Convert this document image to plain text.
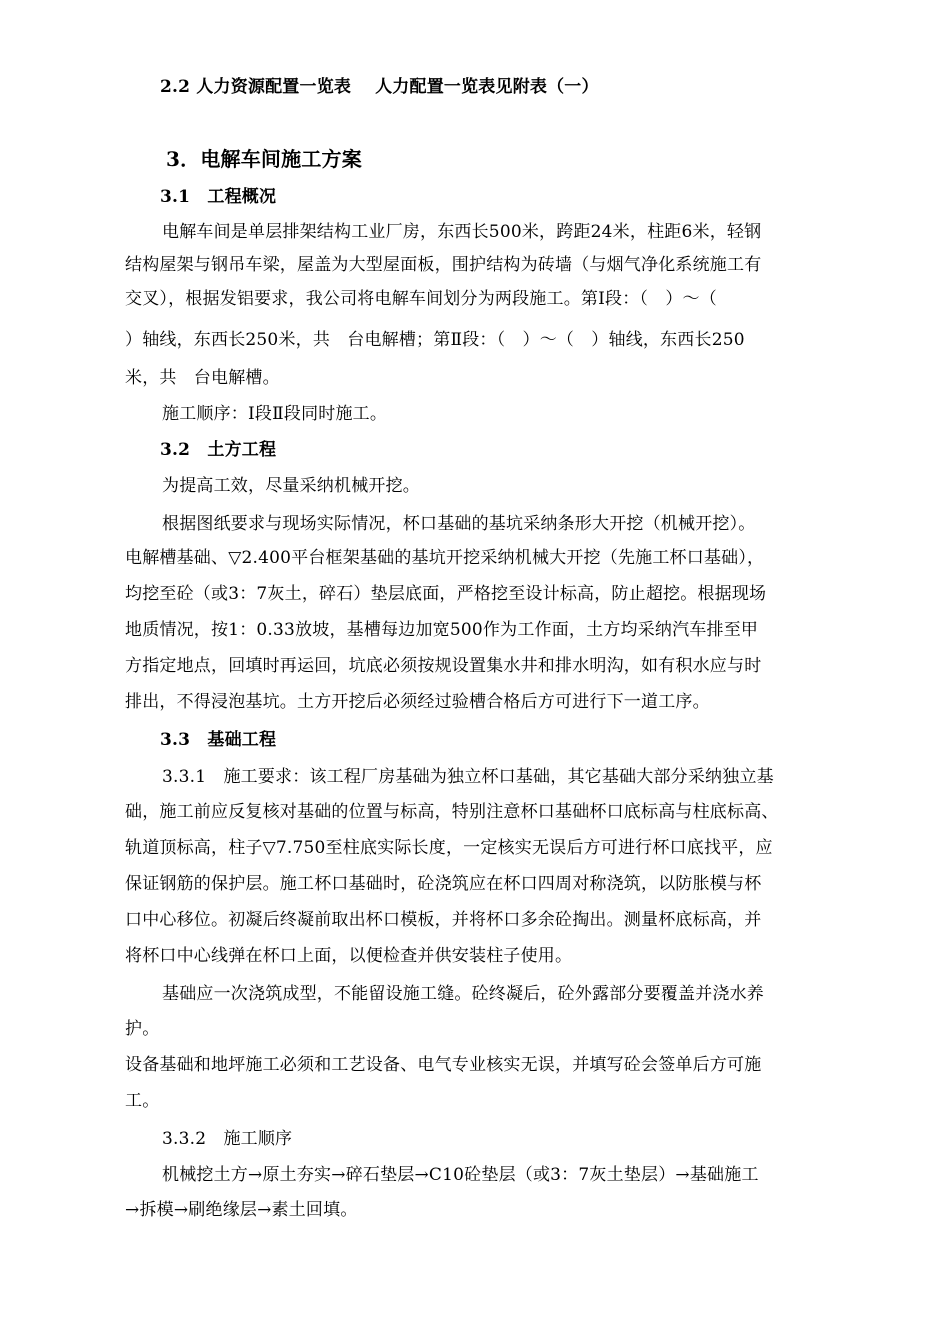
2.2 人力资源配置一览表 人力配置一览表见附表（一）
3．电解车间施工方案
3.1　工程概况
电解车间是单层排架结构工业厂房，东西长500米，跨距24米，柱距6米，轻钢
结构屋架与钢吊车梁，屋盖为大型屋面板，围护结构为砖墙（与烟气净化系统施工有
交叉），根据发铝要求，我公司将电解车间划分为两段施工。第Ⅰ段：（　）～（
）轴线，东西长250米，共　台电解槽；第Ⅱ段：（　）～（　）轴线，东西长250
米，共　台电解槽。
施工顺序：Ⅰ段Ⅱ段同时施工。
3.2　土方工程
为提高工效，尽量采纳机械开挖。
根据图纸要求与现场实际情况，杯口基础的基坑采纳条形大开挖（机械开挖）。
电解槽基础、▽2.400平台框架基础的基坑开挖采纳机械大开挖（先施工杯口基础），
均挖至砼（或3：7灰土，碎石）垫层底面，严格挖至设计标高，防止超挖。根据现场
地质情况，按1：0.33放坡，基槽每边加宽500作为工作面，土方均采纳汽车排至甲
方指定地点，回填时再运回，坑底必须按规设置集水井和排水明沟，如有积水应与时
排出，不得浸泡基坑。土方开挖后必须经过验槽合格后方可进行下一道工序。
3.3　基础工程
3.3.1　施工要求：该工程厂房基础为独立杯口基础，其它基础大部分采纳独立基
础，施工前应反复核对基础的位置与标高，特别注意杯口基础杯口底标高与柱底标高、
轨道顶标高，柱子▽7.750至柱底实际长度，一定核实无误后方可进行杯口底找平，应
保证钢筋的保护层。施工杯口基础时，砼浇筑应在杯口四周对称浇筑，以防胀模与杯
口中心移位。初凝后终凝前取出杯口模板，并将杯口多余砼掏出。测量杯底标高，并
将杯口中心线弹在杯口上面，以便检查并供安装柱子使用。
基础应一次浇筑成型，不能留设施工缝。砼终凝后，砼外露部分要覆盖并浇水养
护。
设备基础和地坪施工必须和工艺设备、电气专业核实无误，并填写砼会签单后方可施
工。
3.3.2　施工顺序
机械挖土方→原土夯实→碎石垫层→C10砼垫层（或3：7灰土垫层）→基础施工
→拆模→刷绝缘层→素土回填。
